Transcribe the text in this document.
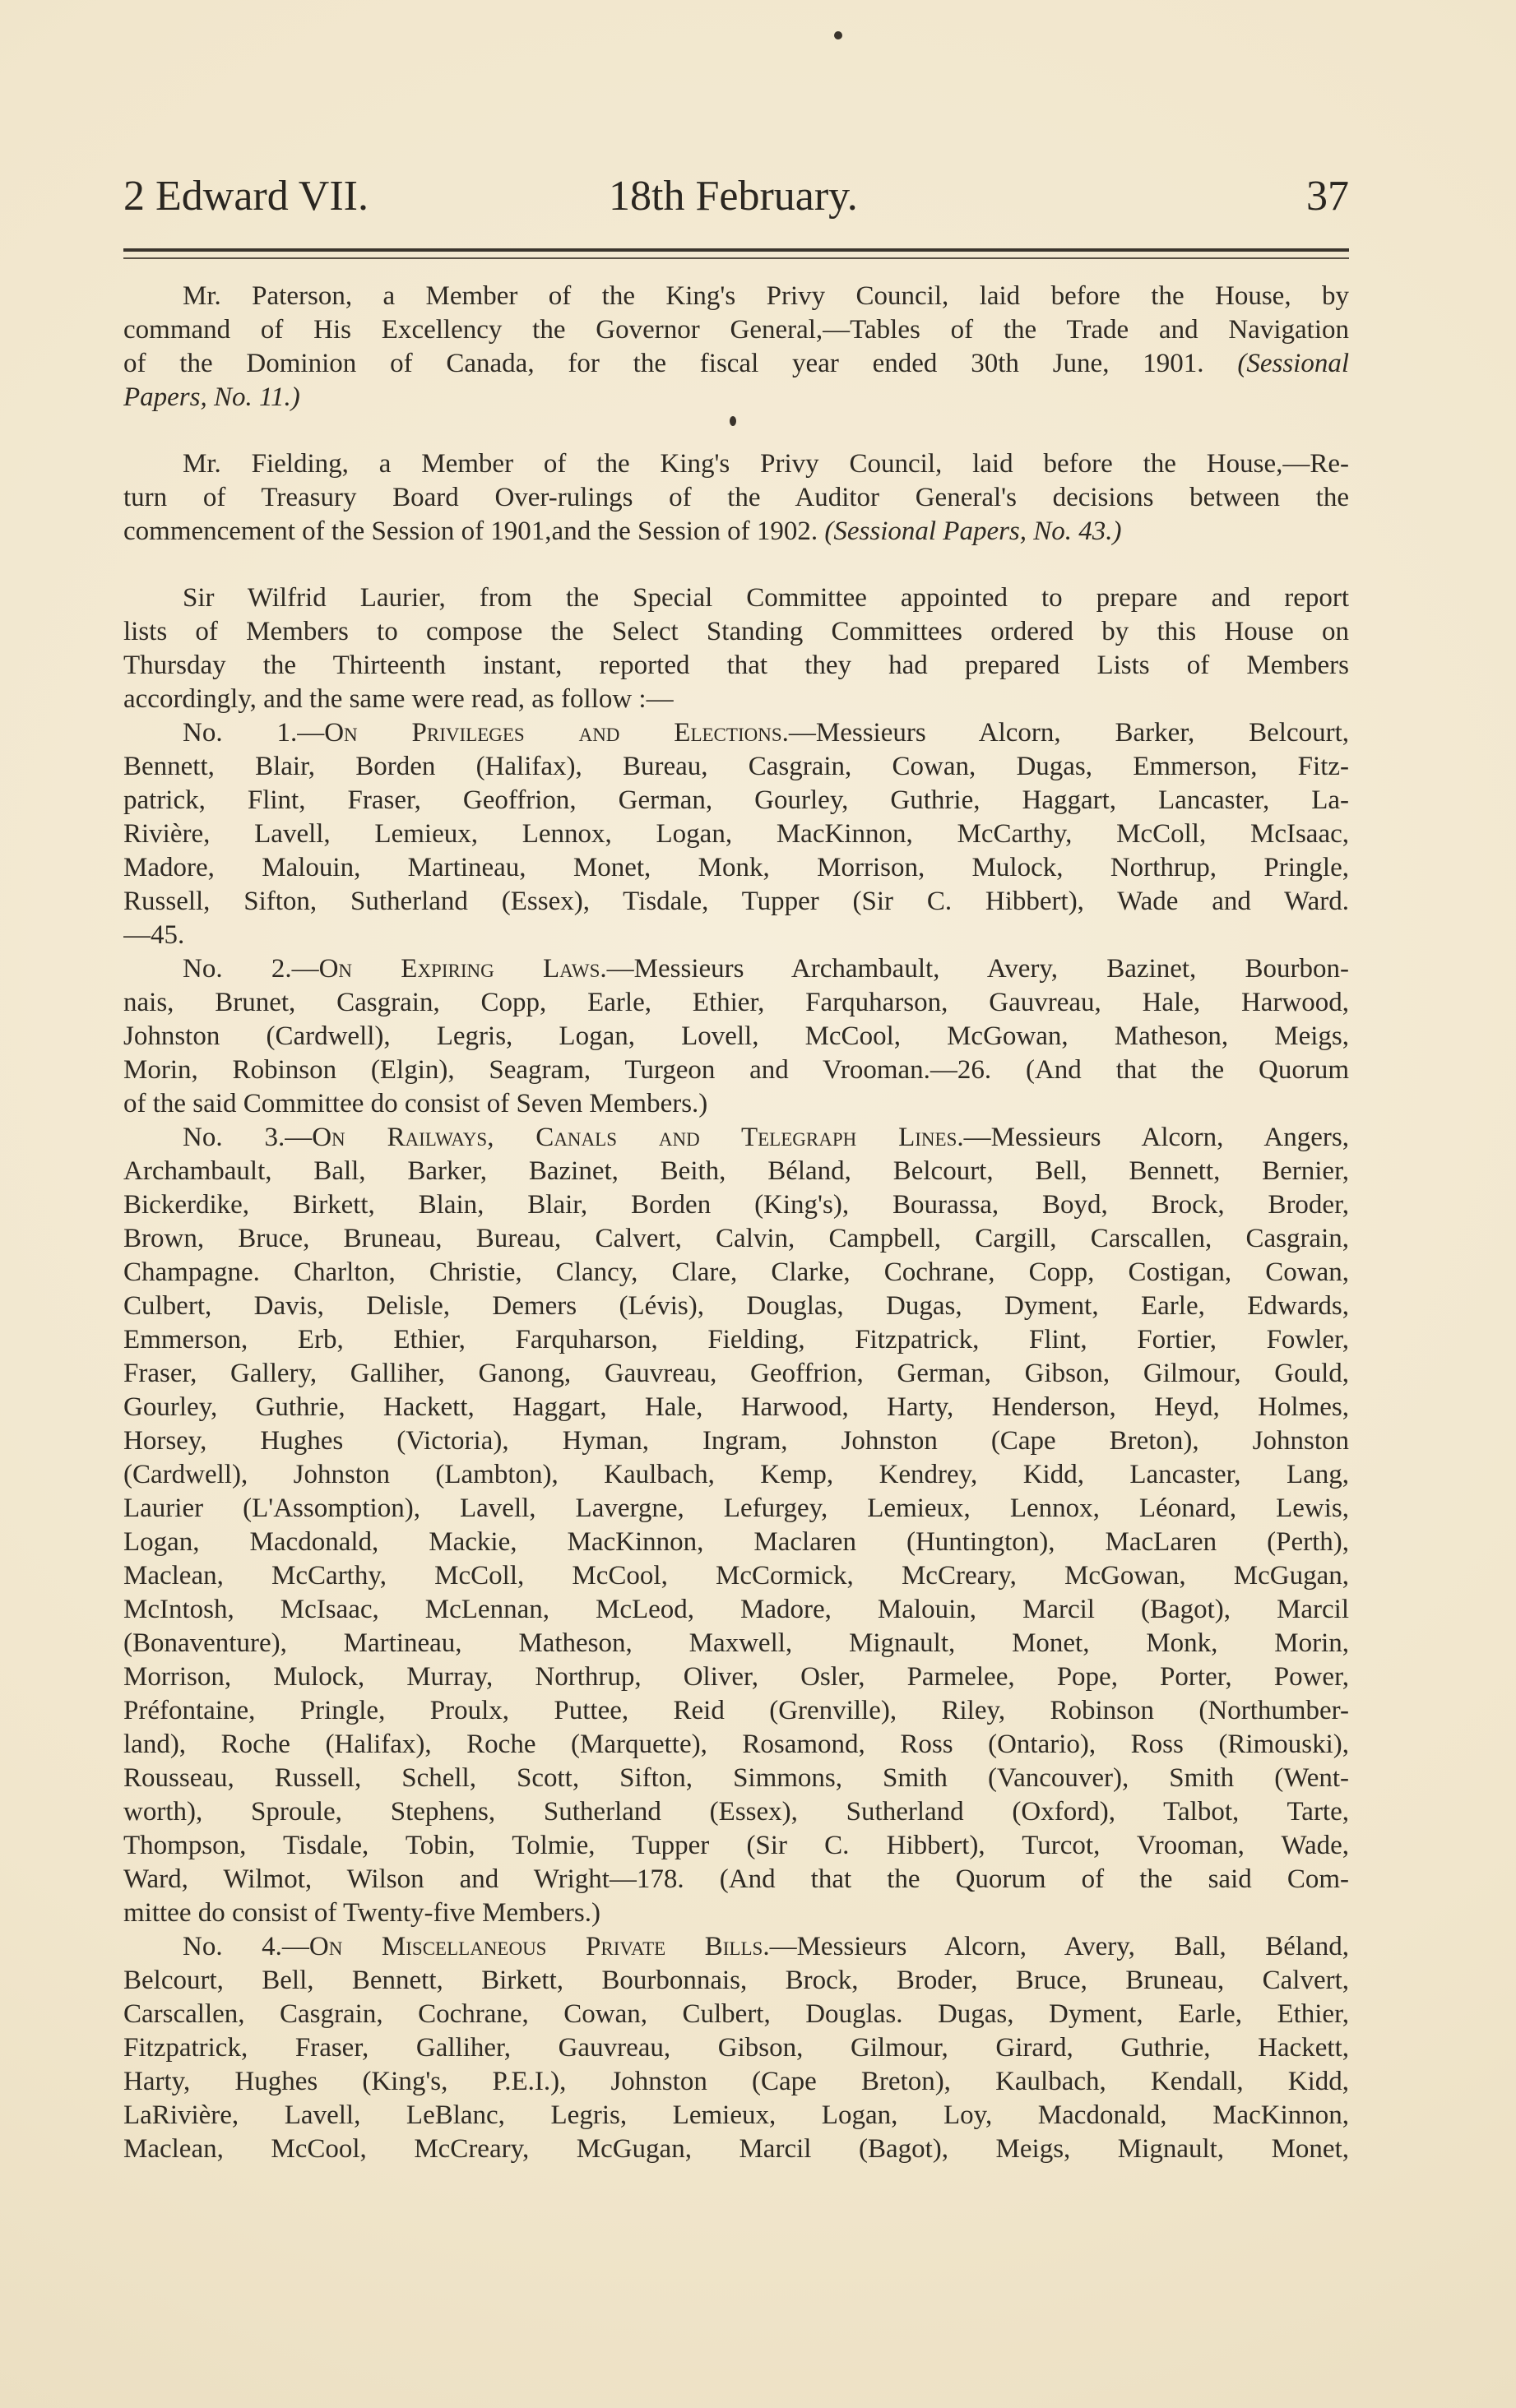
2 Edward VII.	18th February.	37
Mr. Paterson, a Member of the King's Privy Council, laid before the House, by
command of His Excellency the Governor General,—Tables of the Trade and Navigation
of the Dominion of Canada, for the fiscal year ended 30th June, 1901. (Sessional
Papers, No. 11.)
Mr. Fielding, a Member of the King's Privy Council, laid before the House,—Re-
turn of Treasury Board Over-rulings of the Auditor General's decisions between the
commencement of the Session of 1901,and the Session of 1902. (Sessional Papers, No. 43.)
Sir Wilfrid Laurier, from the Special Committee appointed to prepare and report
lists of Members to compose the Select Standing Committees ordered by this House on
Thursday the Thirteenth instant, reported that they had prepared Lists of Members
accordingly, and the same were read, as follow :—
No. 1.—On Privileges and Elections.—Messieurs Alcorn, Barker, Belcourt,
Bennett, Blair, Borden (Halifax), Bureau, Casgrain, Cowan, Dugas, Emmerson, Fitz-
patrick, Flint, Fraser, Geoffrion, German, Gourley, Guthrie, Haggart, Lancaster, La-
Rivière, Lavell, Lemieux, Lennox, Logan, MacKinnon, McCarthy, McColl, McIsaac,
Madore, Malouin, Martineau, Monet, Monk, Morrison, Mulock, Northrup, Pringle,
Russell, Sifton, Sutherland (Essex), Tisdale, Tupper (Sir C. Hibbert), Wade and Ward.
—45.
No. 2.—On Expiring Laws.—Messieurs Archambault, Avery, Bazinet, Bourbon-
nais, Brunet, Casgrain, Copp, Earle, Ethier, Farquharson, Gauvreau, Hale, Harwood,
Johnston (Cardwell), Legris, Logan, Lovell, McCool, McGowan, Matheson, Meigs,
Morin, Robinson (Elgin), Seagram, Turgeon and Vrooman.—26. (And that the Quorum
of the said Committee do consist of Seven Members.)
No. 3.—On Railways, Canals and Telegraph Lines.—Messieurs Alcorn, Angers,
Archambault, Ball, Barker, Bazinet, Beith, Béland, Belcourt, Bell, Bennett, Bernier,
Bickerdike, Birkett, Blain, Blair, Borden (King's), Bourassa, Boyd, Brock, Broder,
Brown, Bruce, Bruneau, Bureau, Calvert, Calvin, Campbell, Cargill, Carscallen, Casgrain,
Champagne. Charlton, Christie, Clancy, Clare, Clarke, Cochrane, Copp, Costigan, Cowan,
Culbert, Davis, Delisle, Demers (Lévis), Douglas, Dugas, Dyment, Earle, Edwards,
Emmerson, Erb, Ethier, Farquharson, Fielding, Fitzpatrick, Flint, Fortier, Fowler,
Fraser, Gallery, Galliher, Ganong, Gauvreau, Geoffrion, German, Gibson, Gilmour, Gould,
Gourley, Guthrie, Hackett, Haggart, Hale, Harwood, Harty, Henderson, Heyd, Holmes,
Horsey, Hughes (Victoria), Hyman, Ingram, Johnston (Cape Breton), Johnston
(Cardwell), Johnston (Lambton), Kaulbach, Kemp, Kendrey, Kidd, Lancaster, Lang,
Laurier (L'Assomption), Lavell, Lavergne, Lefurgey, Lemieux, Lennox, Léonard, Lewis,
Logan, Macdonald, Mackie, MacKinnon, Maclaren (Huntington), MacLaren (Perth),
Maclean, McCarthy, McColl, McCool, McCormick, McCreary, McGowan, McGugan,
McIntosh, McIsaac, McLennan, McLeod, Madore, Malouin, Marcil (Bagot), Marcil
(Bonaventure), Martineau, Matheson, Maxwell, Mignault, Monet, Monk, Morin,
Morrison, Mulock, Murray, Northrup, Oliver, Osler, Parmelee, Pope, Porter, Power,
Préfontaine, Pringle, Proulx, Puttee, Reid (Grenville), Riley, Robinson (Northumber-
land), Roche (Halifax), Roche (Marquette), Rosamond, Ross (Ontario), Ross (Rimouski),
Rousseau, Russell, Schell, Scott, Sifton, Simmons, Smith (Vancouver), Smith (Went-
worth), Sproule, Stephens, Sutherland (Essex), Sutherland (Oxford), Talbot, Tarte,
Thompson, Tisdale, Tobin, Tolmie, Tupper (Sir C. Hibbert), Turcot, Vrooman, Wade,
Ward, Wilmot, Wilson and Wright—178. (And that the Quorum of the said Com-
mittee do consist of Twenty-five Members.)
No. 4.—On Miscellaneous Private Bills.—Messieurs Alcorn, Avery, Ball, Béland,
Belcourt, Bell, Bennett, Birkett, Bourbonnais, Brock, Broder, Bruce, Bruneau, Calvert,
Carscallen, Casgrain, Cochrane, Cowan, Culbert, Douglas. Dugas, Dyment, Earle, Ethier,
Fitzpatrick, Fraser, Galliher, Gauvreau, Gibson, Gilmour, Girard, Guthrie, Hackett,
Harty, Hughes (King's, P.E.I.), Johnston (Cape Breton), Kaulbach, Kendall, Kidd,
LaRivière, Lavell, LeBlanc, Legris, Lemieux, Logan, Loy, Macdonald, MacKinnon,
Maclean, McCool, McCreary, McGugan, Marcil (Bagot), Meigs, Mignault, Monet,
